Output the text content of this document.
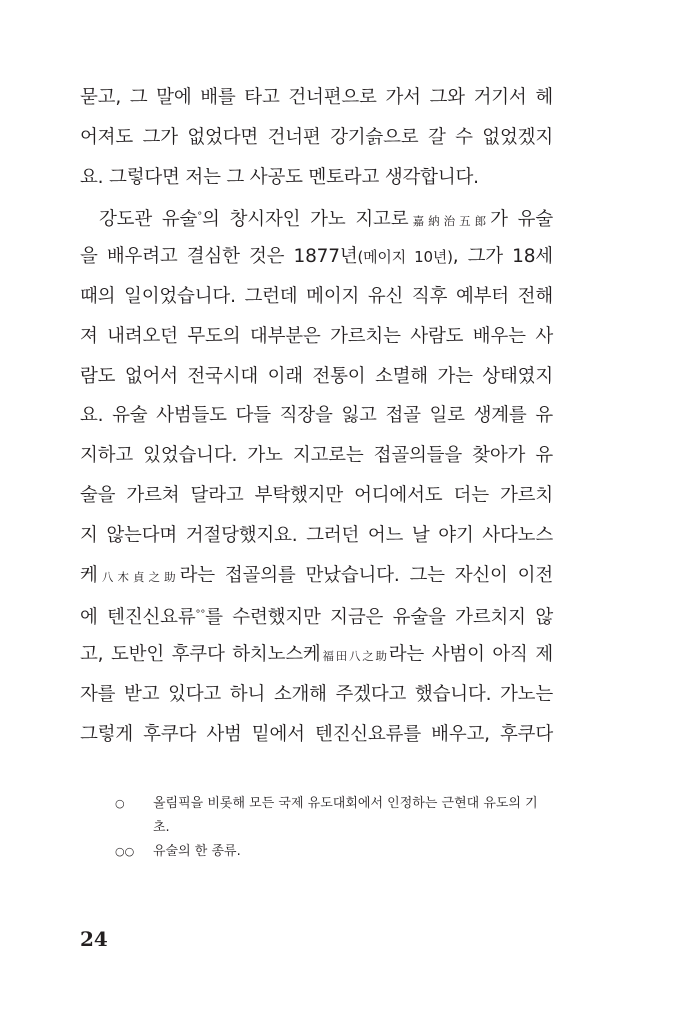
묻고, 그 말에 배를 타고 건너편으로 가서 그와 거기서 헤
어져도 그가 없었다면 건너편 강기슭으로 갈 수 없었겠지
요. 그렇다면 저는 그 사공도 멘토라고 생각합니다.
강도관 유술°의 창시자인 가노 지고로嘉納治五郎가 유술
을 배우려고 결심한 것은 1877년(메이지 10년), 그가 18세
때의 일이었습니다. 그런데 메이지 유신 직후 예부터 전해
져 내려오던 무도의 대부분은 가르치는 사람도 배우는 사
람도 없어서 전국시대 이래 전통이 소멸해 가는 상태였지
요. 유술 사범들도 다들 직장을 잃고 접골 일로 생계를 유
지하고 있었습니다. 가노 지고로는 접골의들을 찾아가 유
술을 가르쳐 달라고 부탁했지만 어디에서도 더는 가르치
지 않는다며 거절당했지요. 그러던 어느 날 야기 사다노스
케八木貞之助라는 접골의를 만났습니다. 그는 자신이 이전
에 텐진신요류°°를 수련했지만 지금은 유술을 가르치지 않
고, 도반인 후쿠다 하치노스케福田八之助라는 사범이 아직 제
자를 받고 있다고 하니 소개해 주겠다고 했습니다. 가노는
그렇게 후쿠다 사범 밑에서 텐진신요류를 배우고, 후쿠다
○	올림픽을 비롯해 모든 국제 유도대회에서 인정하는 근현대 유도의 기초.
○○	유술의 한 종류.
24
